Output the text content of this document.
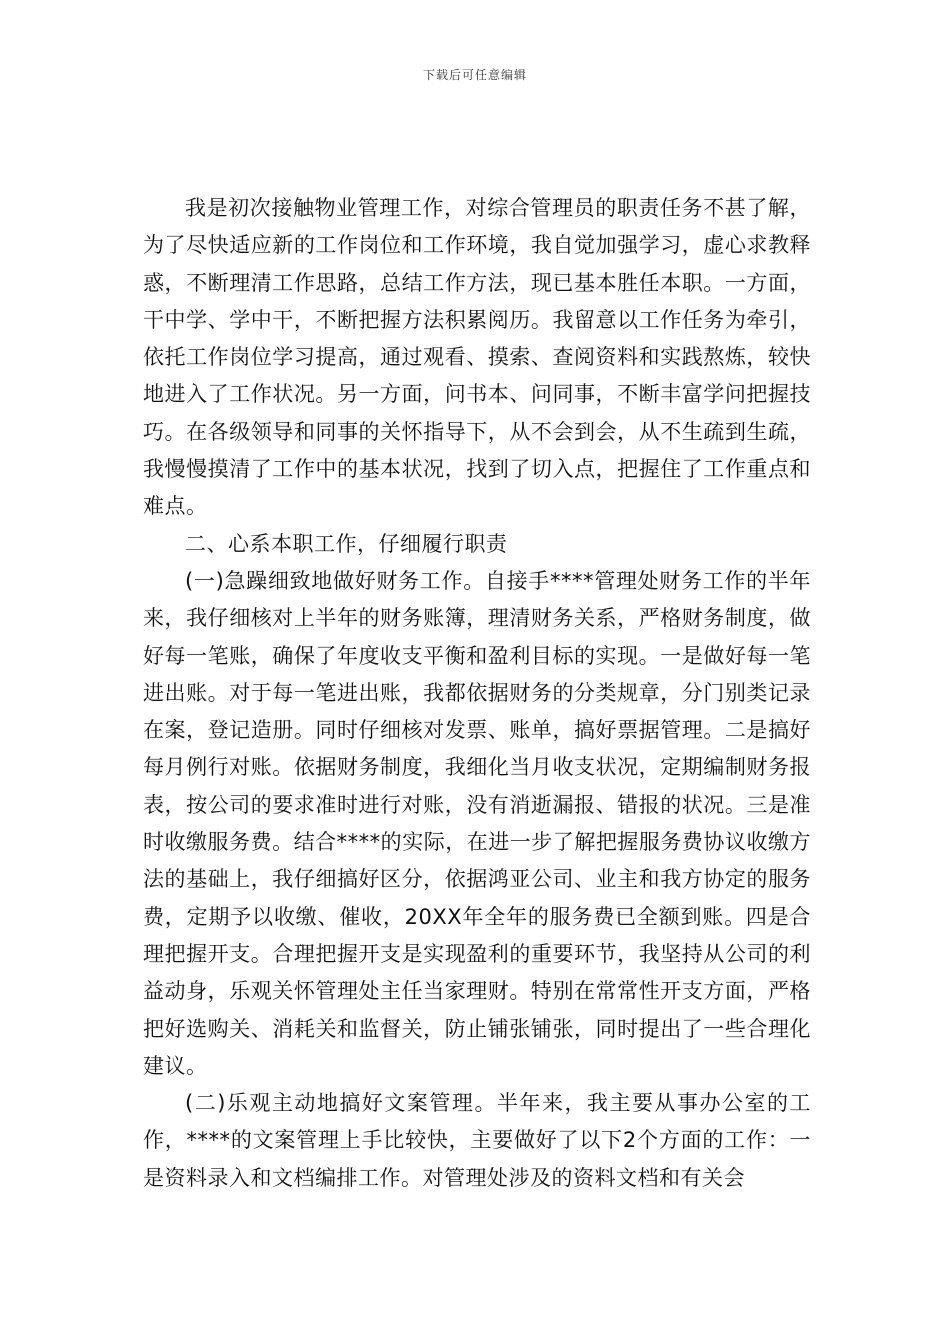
下载后可任意编辑

我是初次接触物业管理工作，对综合管理员的职责任务不甚了解，为了尽快适应新的工作岗位和工作环境，我自觉加强学习，虚心求教释惑，不断理清工作思路，总结工作方法，现已基本胜任本职。一方面，干中学、学中干，不断把握方法积累阅历。我留意以工作任务为牵引，依托工作岗位学习提高，通过观看、摸索、查阅资料和实践熬炼，较快地进入了工作状况。另一方面，问书本、问同事，不断丰富学问把握技巧。在各级领导和同事的关怀指导下，从不会到会，从不生疏到生疏，我慢慢摸清了工作中的基本状况，找到了切入点，把握住了工作重点和难点。

二、心系本职工作，仔细履行职责

(一)急躁细致地做好财务工作。自接手****管理处财务工作的半年来，我仔细核对上半年的财务账簿，理清财务关系，严格财务制度，做好每一笔账，确保了年度收支平衡和盈利目标的实现。一是做好每一笔进出账。对于每一笔进出账，我都依据财务的分类规章，分门别类记录在案，登记造册。同时仔细核对发票、账单，搞好票据管理。二是搞好每月例行对账。依据财务制度，我细化当月收支状况，定期编制财务报表，按公司的要求准时进行对账，没有消逝漏报、错报的状况。三是准时收缴服务费。结合****的实际，在进一步了解把握服务费协议收缴方法的基础上，我仔细搞好区分，依据鸿亚公司、业主和我方协定的服务费，定期予以收缴、催收，20XX年全年的服务费已全额到账。四是合理把握开支。合理把握开支是实现盈利的重要环节，我坚持从公司的利益动身，乐观关怀管理处主任当家理财。特别在常常性开支方面，严格把好选购关、消耗关和监督关，防止铺张铺张，同时提出了一些合理化建议。

(二)乐观主动地搞好文案管理。半年来，我主要从事办公室的工作，****的文案管理上手比较快，主要做好了以下2个方面的工作：一是资料录入和文档编排工作。对管理处涉及的资料文档和有关会
